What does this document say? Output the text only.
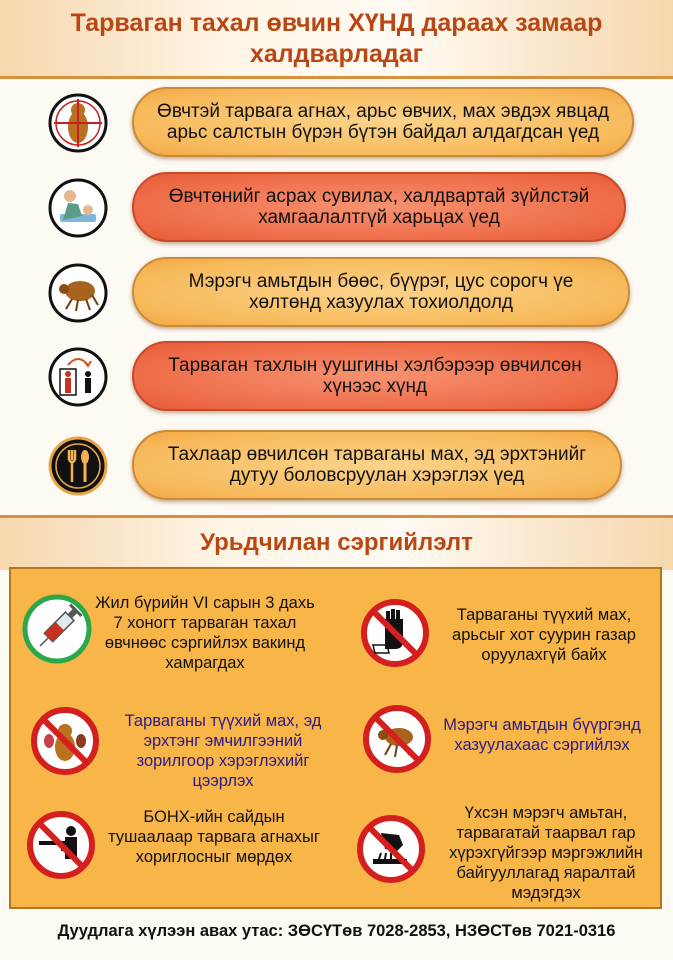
Тарваган тахал өвчин ХҮНД дараах замаар халдварладаг
Өвчтэй тарвага агнах, арьс өвчих, мах эвдэх явцад арьс салстын бүрэн бүтэн байдал алдагдсан үед
Өвчтөнийг асрах сувилах, халдвартай зүйлстэй хамгаалалтгүй харьцах үед
Мэрэгч амьтдын бөөс, бүүрэг, цус сорогч үе хөлтөнд хазуулах тохиолдолд
Тарваган тахлын уушгины хэлбэрээр өвчилсөн хүнээс хүнд
Тахлаар өвчилсөн тарваганы мах, эд эрхтэнийг дутуу боловсруулан хэрэглэх үед
Урьдчилан сэргийлэлт
Жил бүрийн VI сарын 3 дахь 7 хоногт тарваган тахал өвчнөөс сэргийлэх вакинд хамрагдах
Тарваганы түүхий мах, арьсыг хот суурин газар оруулахгүй байх
Тарваганы түүхий мах, эд эрхтэнг эмчилгээний зорилгоор хэрэглэхийг цээрлэх
Мэрэгч амьтдын бүүргэнд хазуулахаас сэргийлэх
БОНХ-ийн сайдын тушаалаар тарвага агнахыг хориглосныг мөрдөх
Үхсэн мэрэгч амьтан, тарвагатай таарвал гар хүрэхгүйгээр мэргэжлийн байгууллагад яаралтай мэдэгдэх
Дуудлага хүлээн авах утас: ЗӨСҮТөв 7028-2853, НЗӨСТөв 7021-0316
